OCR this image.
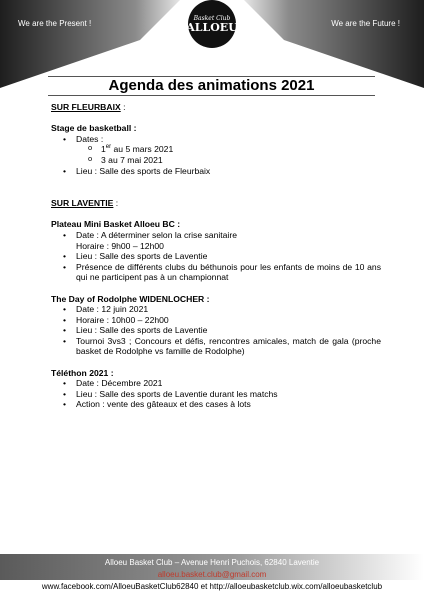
We are the Present !	We are the Future !
Basket Club
ALLOEU
Agenda des animations 2021
SUR FLEURBAIX :
Stage de basketball :
• Dates :
o 1er au 5 mars 2021
o 3 au 7 mai 2021
• Lieu : Salle des sports de Fleurbaix
SUR LAVENTIE :
Plateau Mini Basket Alloeu BC :
• Date : A déterminer selon la crise sanitaire
Horaire : 9h00 – 12h00
• Lieu : Salle des sports de Laventie
• Présence de différents clubs du béthunois pour les enfants de moins de 10 ans qui ne participent pas à un championnat
The Day of Rodolphe WIDENLOCHER :
• Date : 12 juin 2021
• Horaire : 10h00 – 22h00
• Lieu : Salle des sports de Laventie
• Tournoi 3vs3 ; Concours et défis, rencontres amicales, match de gala (proche basket de Rodolphe vs famille de Rodolphe)
Téléthon 2021 :
• Date : Décembre 2021
• Lieu : Salle des sports de Laventie durant les matchs
• Action : vente des gâteaux et des cases à lots
Alloeu Basket Club – Avenue Henri Puchois, 62840 Laventie
alloeu.basket.club@gmail.com
www.facebook.com/AlloeuBasketClub62840 et http://alloeubasketclub.wix.com/alloeubasketclub
